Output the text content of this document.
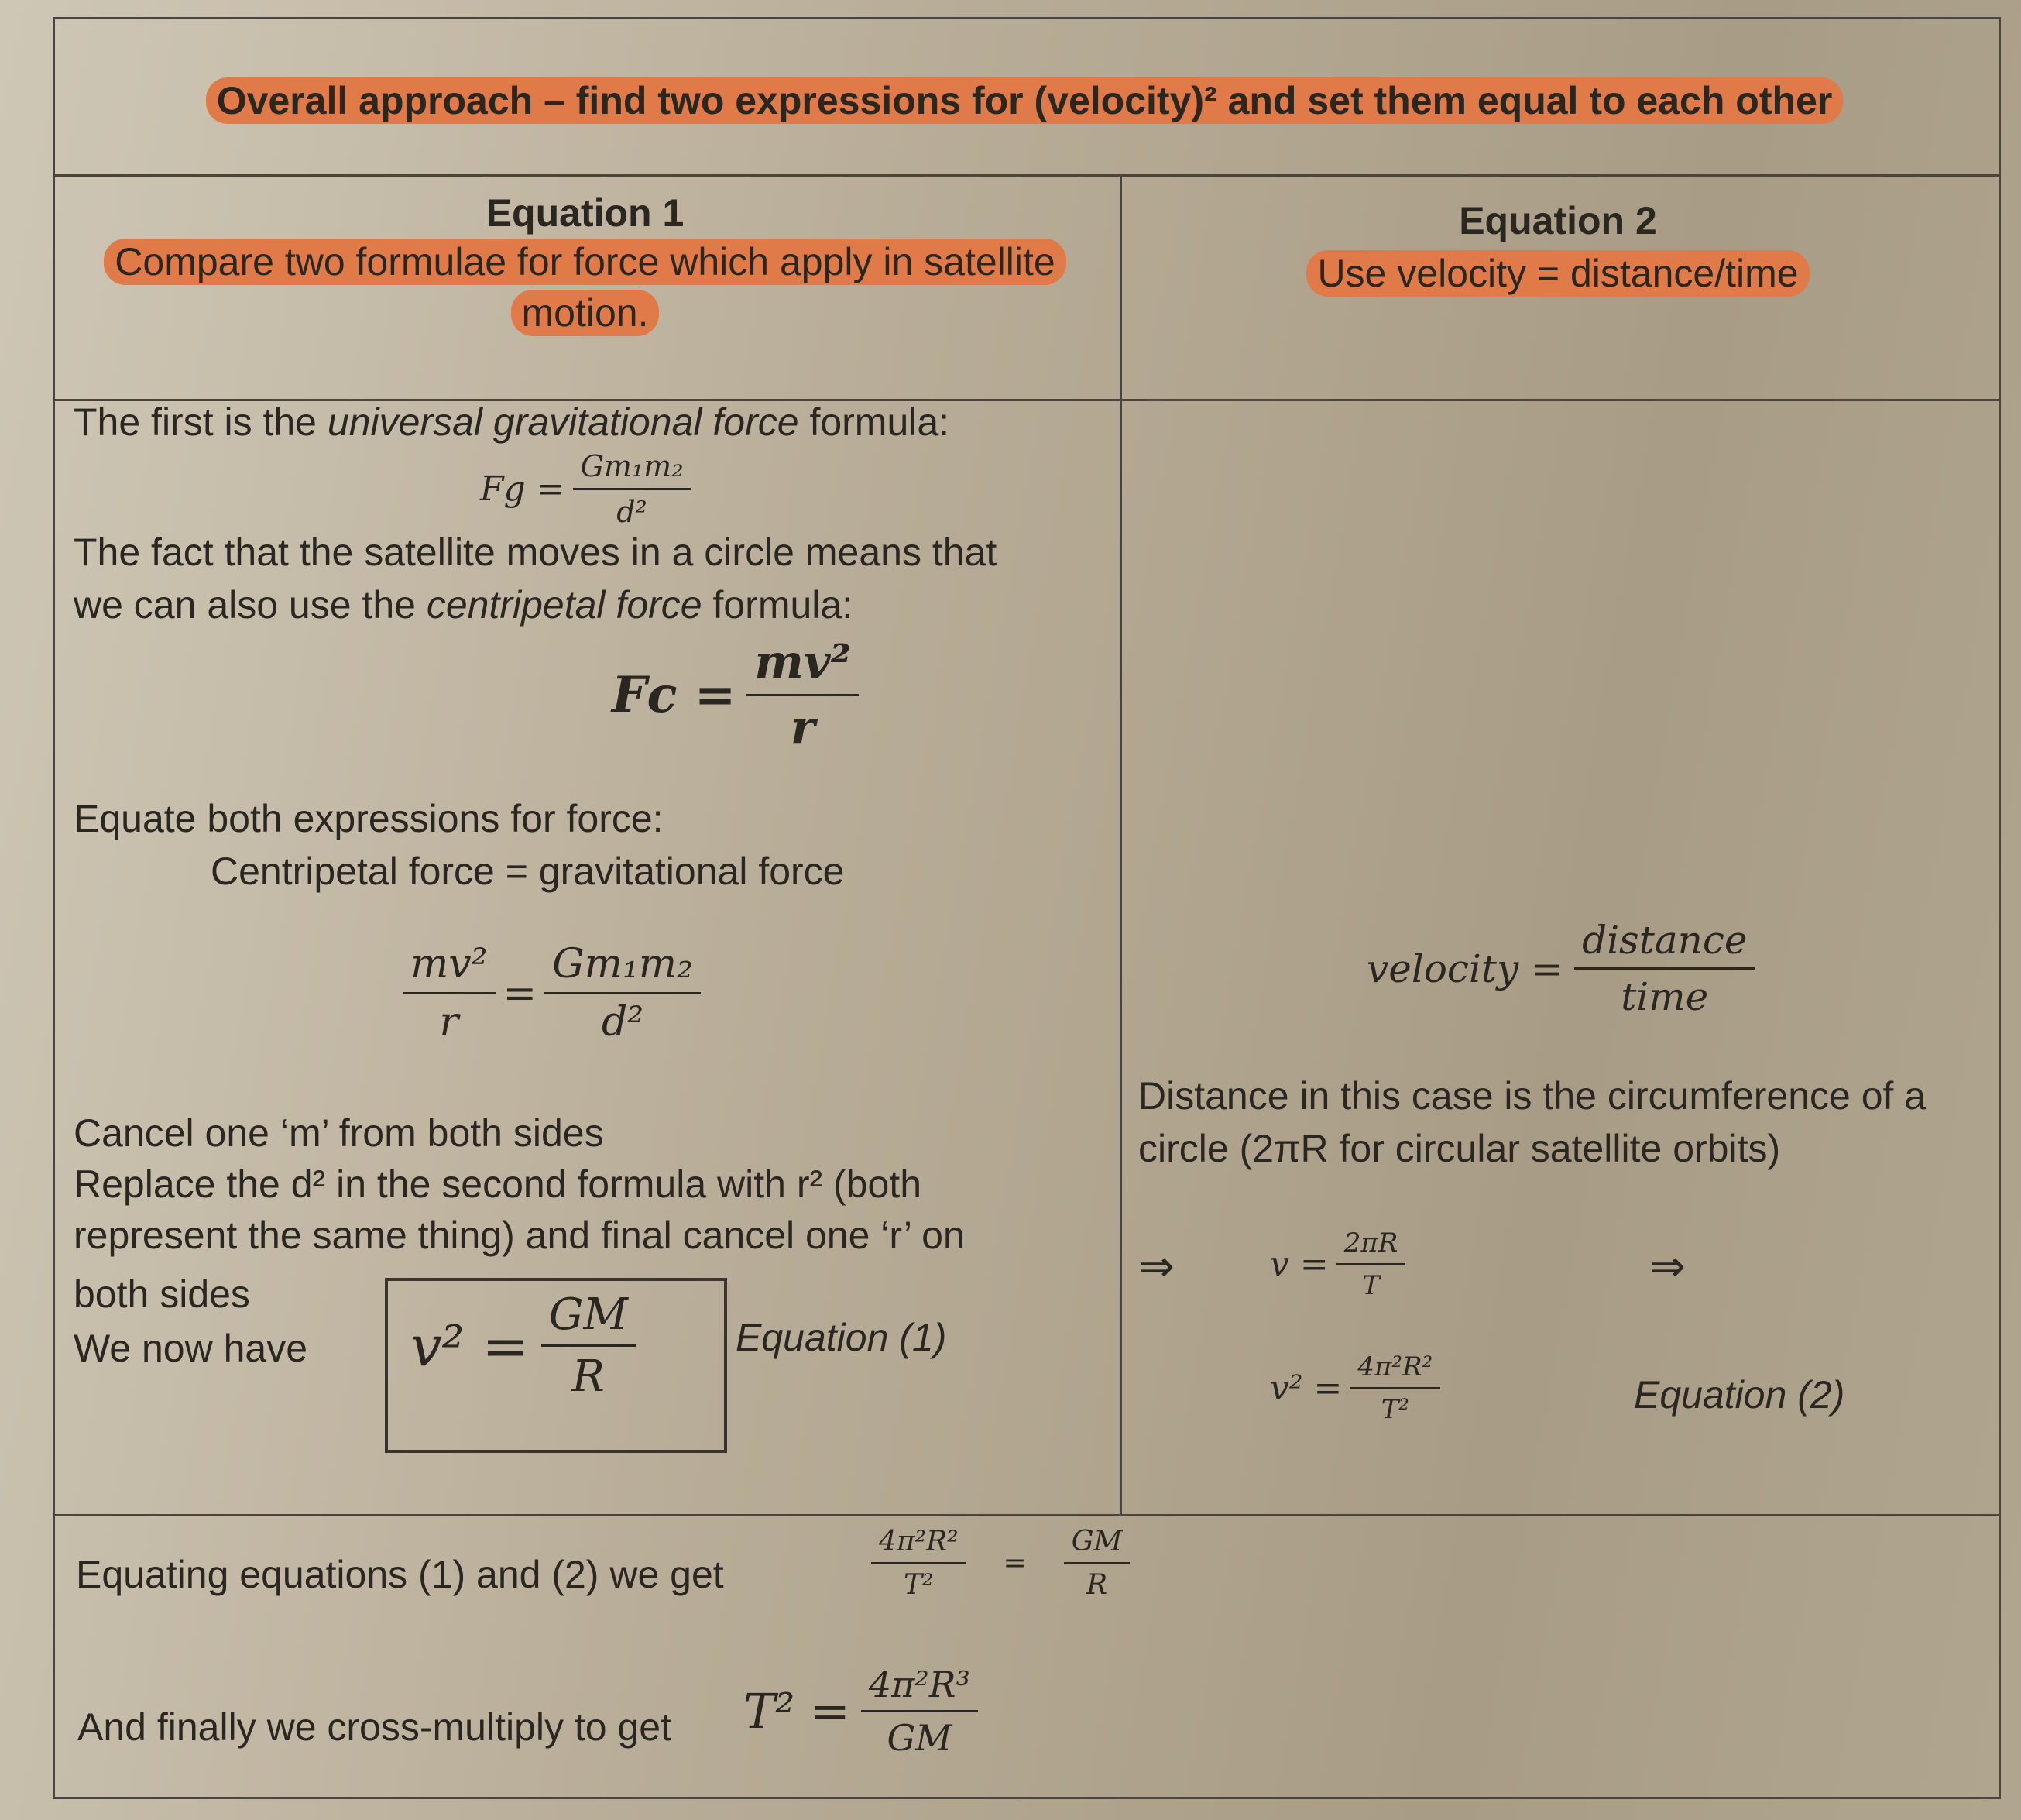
Overall approach – find two expressions for (velocity)² and set them equal to each other
Equation 1
Compare two formulae for force which apply in satellite
motion.
Equation 2
Use velocity = distance/time
The first is the universal gravitational force formula:
$Fg = \frac{\text{Gm₁m₂}}{\text{d²}}$
The fact that the satellite moves in a circle means that
we can also use the centripetal force formula:
$Fc = \frac{\text{mv²}}{r}$
Equate both expressions for force:
Centripetal force = gravitational force
$\frac{\text{mv²}}{r} = \frac{\text{Gm₁m₂}}{\text{d²}}$
Cancel one ‘m’ from both sides
Replace the d² in the second formula with r² (both
represent the same thing) and final cancel one ‘r’ on
both sides
We now have $v^2 = \frac{GM}{R}$	Equation (1)
velocity = $\frac{\text{distance}}{\text{time}}$
Distance in this case is the circumference of a
circle (2πR for circular satellite orbits)
⇒	$v = \frac{2\pi R}{T}$	⇒
$v^2 = \frac{\text{4π²R²}}{\text{T²}}$	Equation (2)
Equating equations (1) and (2) we get	$\frac{\text{4π²R²}}{\text{T²}} = \frac{GM}{R}$
And finally we cross-multiply to get $T^2 = \frac{\text{4π²R³}}{GM}$
